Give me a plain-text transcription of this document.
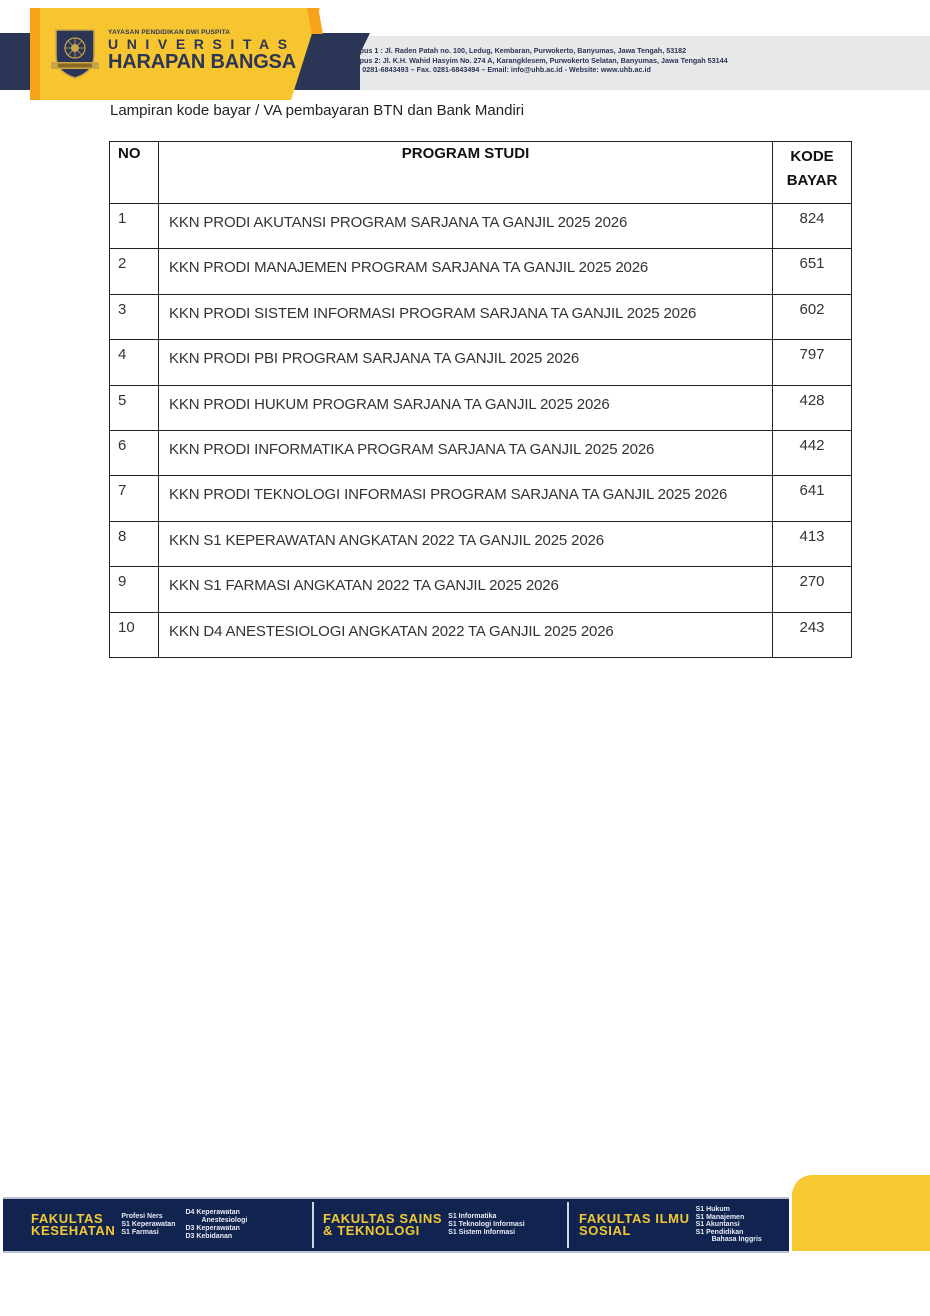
YAYASAN PENDIDIKAN DWI PUSPITA
UNIVERSITAS
HARAPAN BANGSA
Kampus 1 : Jl. Raden Patah no. 100, Ledug, Kembaran, Purwokerto, Banyumas, Jawa Tengah, 53182
Kampus 2: Jl. K.H. Wahid Hasyim No. 274 A, Karangklesem, Purwokerto Selatan, Banyumas, Jawa Tengah 53144
Telp. 0281-6843493 – Fax. 0281-6843494 – Email: info@uhb.ac.id - Website: www.uhb.ac.id
Lampiran kode bayar / VA pembayaran BTN dan Bank Mandiri
NO	PROGRAM STUDI	KODE
BAYAR
1	KKN PRODI AKUTANSI PROGRAM SARJANA TA GANJIL 2025 2026	824
2	KKN PRODI MANAJEMEN PROGRAM SARJANA TA GANJIL 2025 2026	651
3	KKN PRODI SISTEM INFORMASI PROGRAM SARJANA TA GANJIL 2025 2026	602
4	KKN PRODI PBI PROGRAM SARJANA TA GANJIL 2025 2026	797
5	KKN PRODI HUKUM PROGRAM SARJANA TA GANJIL 2025 2026	428
6	KKN PRODI INFORMATIKA PROGRAM SARJANA TA GANJIL 2025 2026	442
7	KKN PRODI TEKNOLOGI INFORMASI PROGRAM SARJANA TA GANJIL 2025 2026	641
8	KKN S1 KEPERAWATAN ANGKATAN 2022 TA GANJIL 2025 2026	413
9	KKN S1 FARMASI ANGKATAN 2022 TA GANJIL 2025 2026	270
10	KKN D4 ANESTESIOLOGI ANGKATAN 2022 TA GANJIL 2025 2026	243
FAKULTAS
KESEHATAN
Profesi Ners
S1 Keperawatan
S1 Farmasi
D4 Keperawatan
Anestesiologi
D3 Keperawatan
D3 Kebidanan
FAKULTAS SAINS
& TEKNOLOGI
S1 Informatika
S1 Teknologi Informasi
S1 Sistem Informasi
FAKULTAS ILMU
SOSIAL
S1 Hukum
S1 Manajemen
S1 Akuntansi
S1 Pendidikan
Bahasa Inggris
